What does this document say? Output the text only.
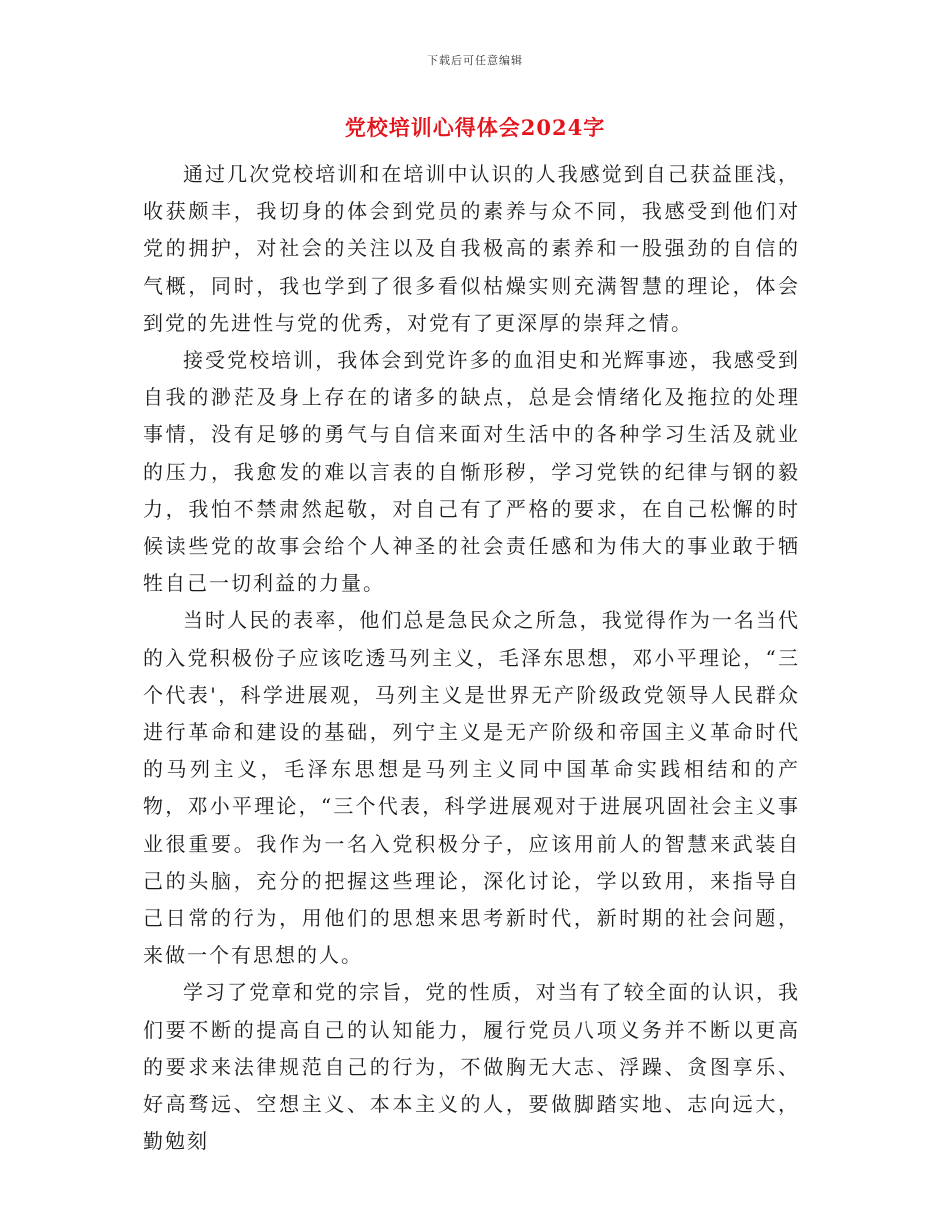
下载后可任意编辑
党校培训心得体会2024字

通过几次党校培训和在培训中认识的人我感觉到自己获益匪浅，收获颇丰，我切身的体会到党员的素养与众不同，我感受到他们对党的拥护，对社会的关注以及自我极高的素养和一股强劲的自信的气概，同时，我也学到了很多看似枯燥实则充满智慧的理论，体会到党的先进性与党的优秀，对党有了更深厚的崇拜之情。

接受党校培训，我体会到党许多的血泪史和光辉事迹，我感受到自我的渺茫及身上存在的诸多的缺点，总是会情绪化及拖拉的处理事情，没有足够的勇气与自信来面对生活中的各种学习生活及就业的压力，我愈发的难以言表的自惭形秽，学习党铁的纪律与钢的毅力，我怕不禁肃然起敬，对自己有了严格的要求，在自己松懈的时候读些党的故事会给个人神圣的社会责任感和为伟大的事业敢于牺牲自己一切利益的力量。

当时人民的表率，他们总是急民众之所急，我觉得作为一名当代的入党积极份子应该吃透马列主义，毛泽东思想，邓小平理论，“三个代表'，科学进展观，马列主义是世界无产阶级政党领导人民群众进行革命和建设的基础，列宁主义是无产阶级和帝国主义革命时代的马列主义，毛泽东思想是马列主义同中国革命实践相结和的产物，邓小平理论，“三个代表，科学进展观对于进展巩固社会主义事业很重要。我作为一名入党积极分子，应该用前人的智慧来武装自己的头脑，充分的把握这些理论，深化讨论，学以致用，来指导自己日常的行为，用他们的思想来思考新时代，新时期的社会问题，来做一个有思想的人。

学习了党章和党的宗旨，党的性质，对当有了较全面的认识，我们要不断的提高自己的认知能力，履行党员八项义务并不断以更高的要求来法律规范自己的行为，不做胸无大志、浮躁、贪图享乐、好高骛远、空想主义、本本主义的人，要做脚踏实地、志向远大，勤勉刻
